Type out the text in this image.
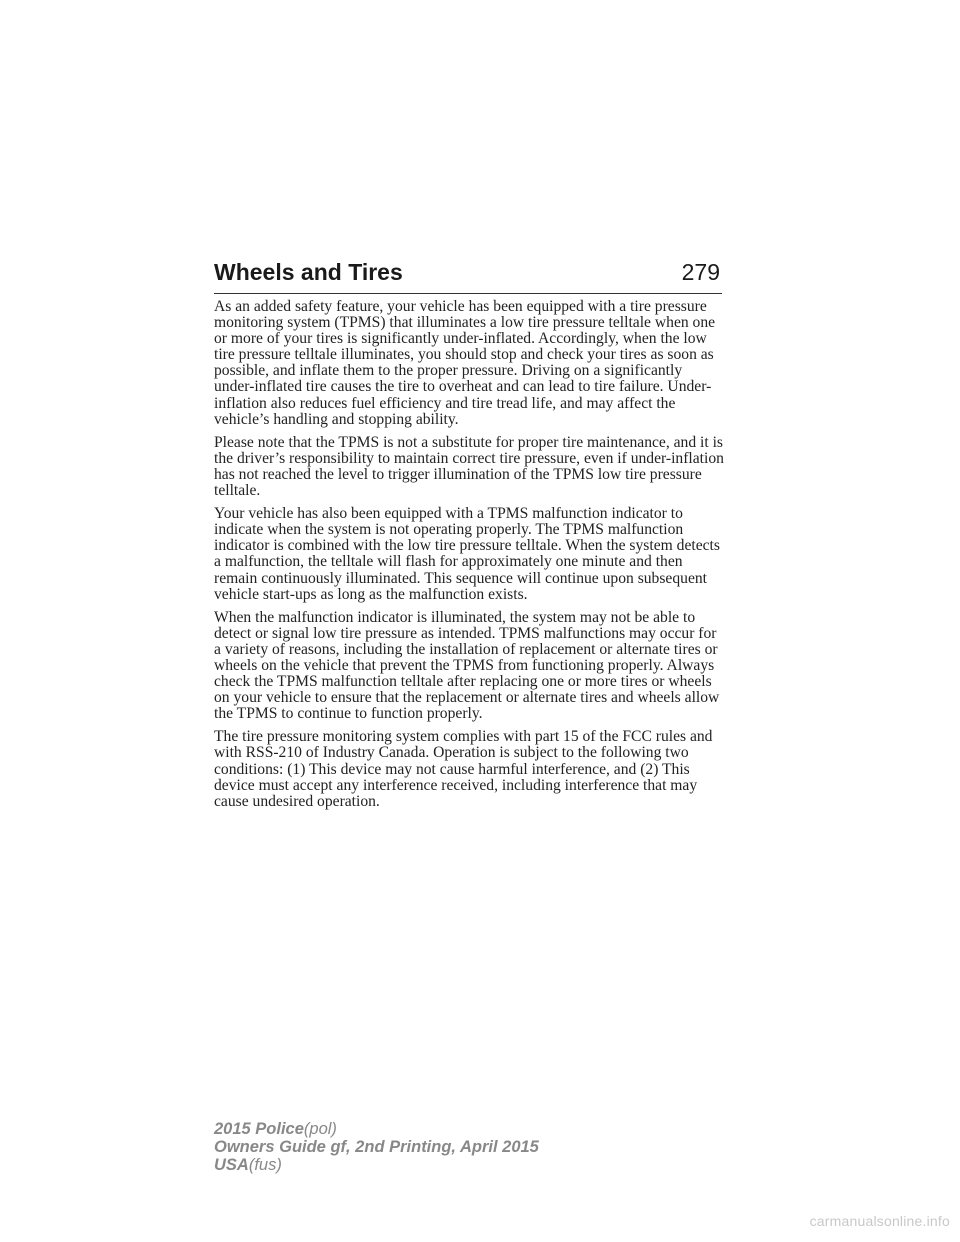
Wheels and Tires	279

As an added safety feature, your vehicle has been equipped with a tire pressure monitoring system (TPMS) that illuminates a low tire pressure telltale when one or more of your tires is significantly under-inflated. Accordingly, when the low tire pressure telltale illuminates, you should stop and check your tires as soon as possible, and inflate them to the proper pressure. Driving on a significantly under-inflated tire causes the tire to overheat and can lead to tire failure. Under-inflation also reduces fuel efficiency and tire tread life, and may affect the vehicle’s handling and stopping ability.

Please note that the TPMS is not a substitute for proper tire maintenance, and it is the driver’s responsibility to maintain correct tire pressure, even if under-inflation has not reached the level to trigger illumination of the TPMS low tire pressure telltale.

Your vehicle has also been equipped with a TPMS malfunction indicator to indicate when the system is not operating properly. The TPMS malfunction indicator is combined with the low tire pressure telltale. When the system detects a malfunction, the telltale will flash for approximately one minute and then remain continuously illuminated. This sequence will continue upon subsequent vehicle start-ups as long as the malfunction exists.

When the malfunction indicator is illuminated, the system may not be able to detect or signal low tire pressure as intended. TPMS malfunctions may occur for a variety of reasons, including the installation of replacement or alternate tires or wheels on the vehicle that prevent the TPMS from functioning properly. Always check the TPMS malfunction telltale after replacing one or more tires or wheels on your vehicle to ensure that the replacement or alternate tires and wheels allow the TPMS to continue to function properly.

The tire pressure monitoring system complies with part 15 of the FCC rules and with RSS-210 of Industry Canada. Operation is subject to the following two conditions: (1) This device may not cause harmful interference, and (2) This device must accept any interference received, including interference that may cause undesired operation.

2015 Police(pol)
Owners Guide gf, 2nd Printing, April 2015
USA(fus)
carmanualsonline.info
